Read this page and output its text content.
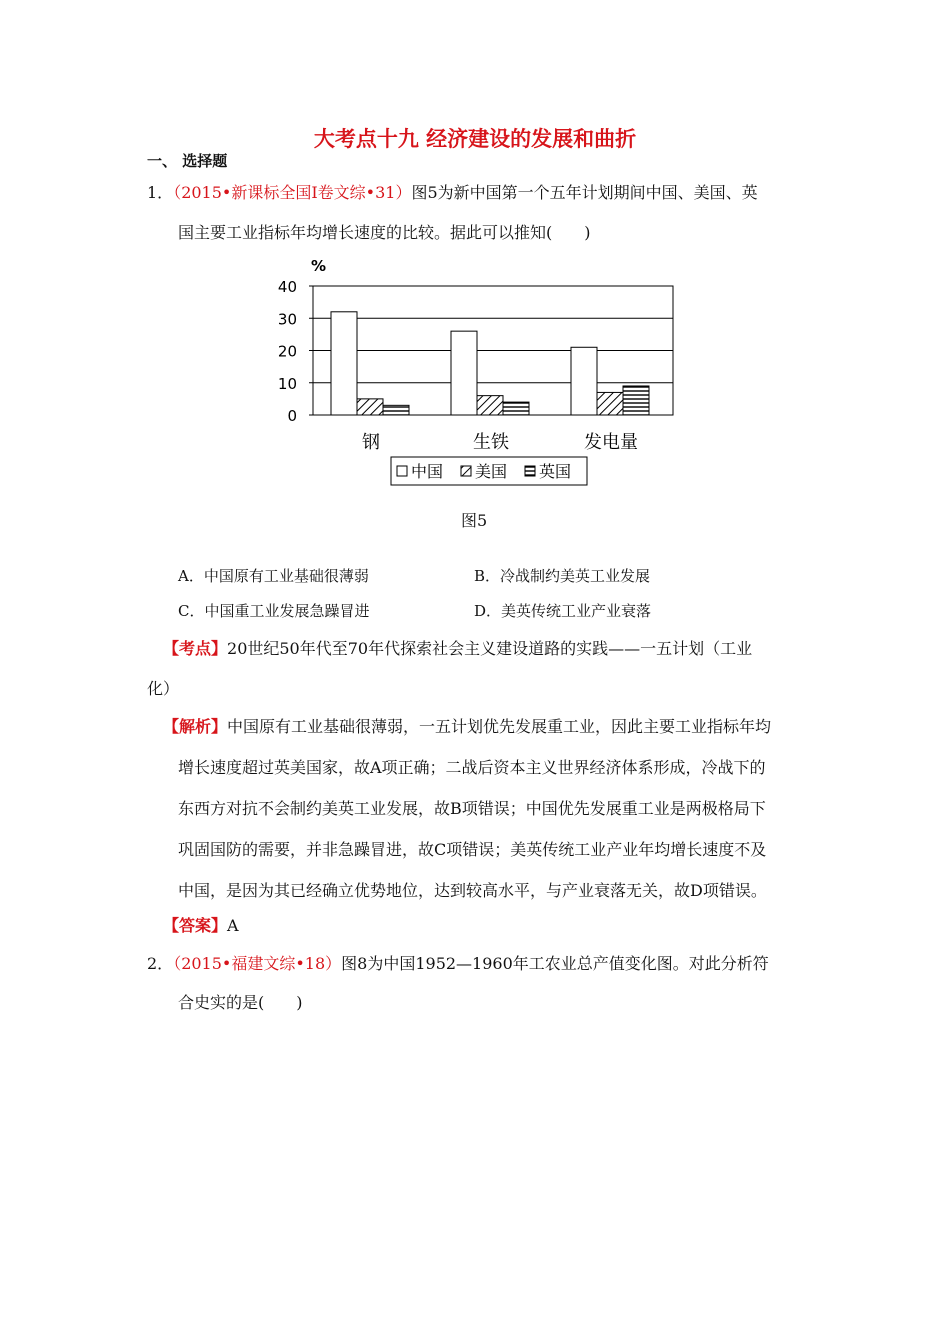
大考点十九 经济建设的发展和曲折
一、 选择题
1．（2015•新课标全国Ⅰ卷文综•31）图5为新中国第一个五年计划期间中国、美国、英
国主要工业指标年均增长速度的比较。据此可以推知(　　)
%
40
30
20
10
0
钢	生铁	发电量
中国 美国 英国
图5
A．中国原有工业基础很薄弱	B．冷战制约美英工业发展
C．中国重工业发展急躁冒进	D．美英传统工业产业衰落
【考点】20世纪50年代至70年代探索社会主义建设道路的实践——一五计划（工业
化）
【解析】中国原有工业基础很薄弱，一五计划优先发展重工业，因此主要工业指标年均
增长速度超过英美国家，故A项正确；二战后资本主义世界经济体系形成，冷战下的
东西方对抗不会制约美英工业发展，故B项错误；中国优先发展重工业是两极格局下
巩固国防的需要，并非急躁冒进，故C项错误；美英传统工业产业年均增长速度不及
中国，是因为其已经确立优势地位，达到较高水平，与产业衰落无关，故D项错误。
【答案】A
2．（2015•福建文综•18）图8为中国1952—1960年工农业总产值变化图。对此分析符
合史实的是(　　)
